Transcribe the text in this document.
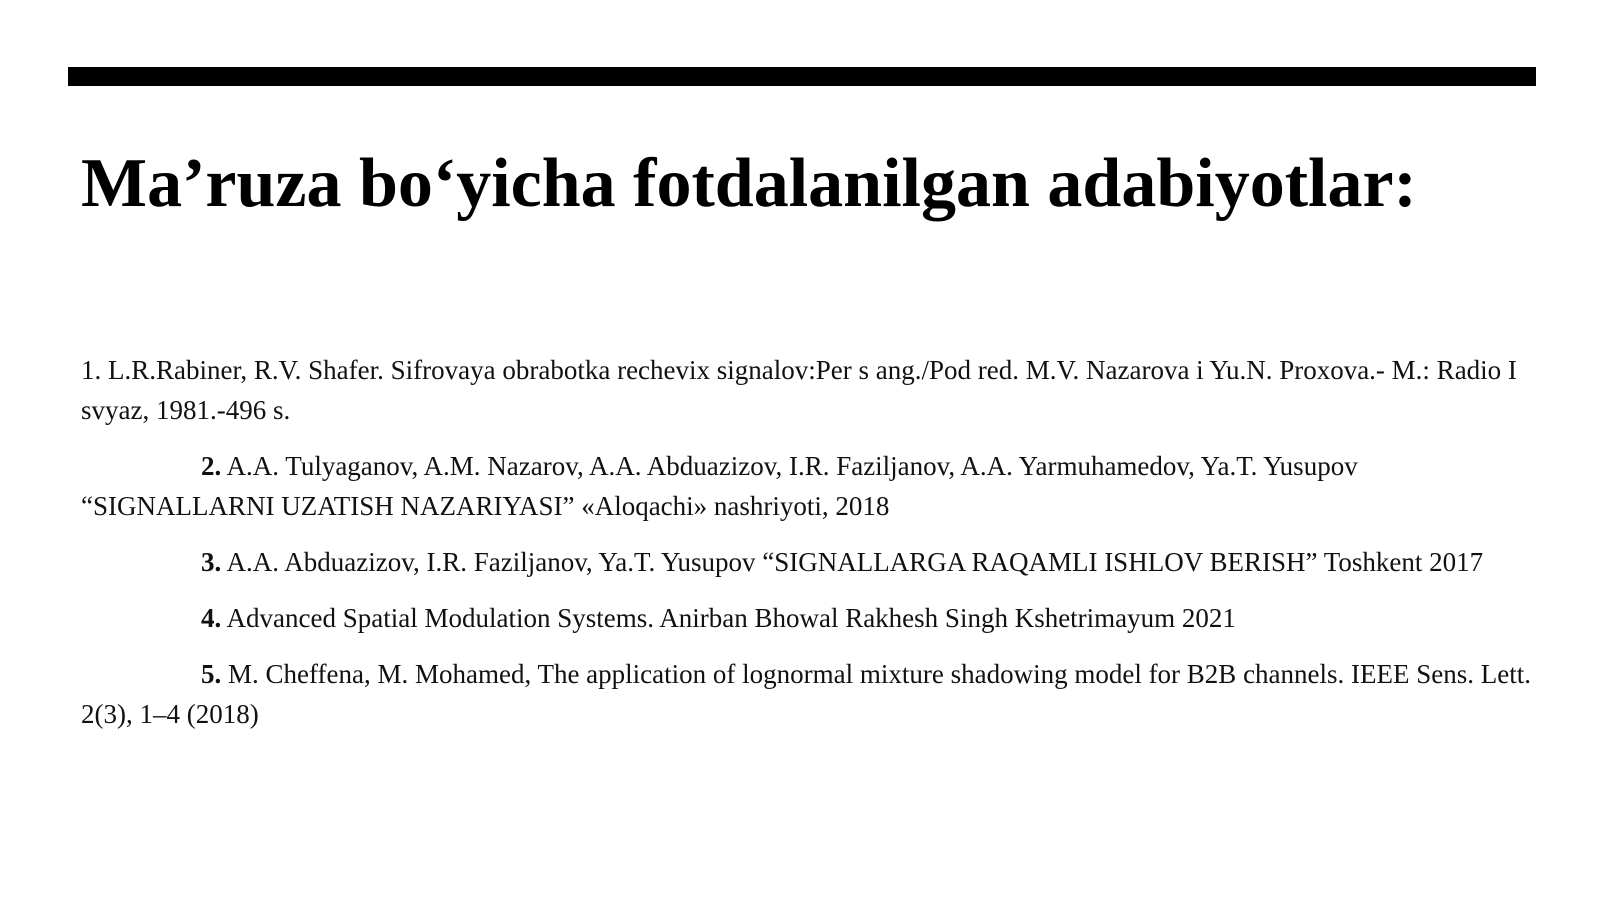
Ma’ruza bo‘yicha fotdalanilgan adabiyotlar:
1. L.R.Rabiner, R.V. Shafer. Sifrovaya obrabotka rechevix signalov:Per s ang./Pod red. M.V. Nazarova i Yu.N. Proxova.- M.: Radio I svyaz, 1981.-496 s.
2. A.A. Tulyaganov, A.M. Nazarov, A.A. Abduazizov, I.R. Faziljanov, A.A. Yarmuhamedov, Ya.T. Yusupov “SIGNALLARNI UZATISH NAZARIYASI” «Aloqachi» nashriyoti, 2018
3. A.A. Abduazizov, I.R. Faziljanov, Ya.T. Yusupov “SIGNALLARGA RAQAMLI ISHLOV BERISH” Toshkent 2017
4. Advanced Spatial Modulation Systems. Anirban Bhowal Rakhesh Singh Kshetrimayum 2021
5. M. Cheffena, M. Mohamed, The application of lognormal mixture shadowing model for B2B channels. IEEE Sens. Lett. 2(3), 1–4 (2018)
